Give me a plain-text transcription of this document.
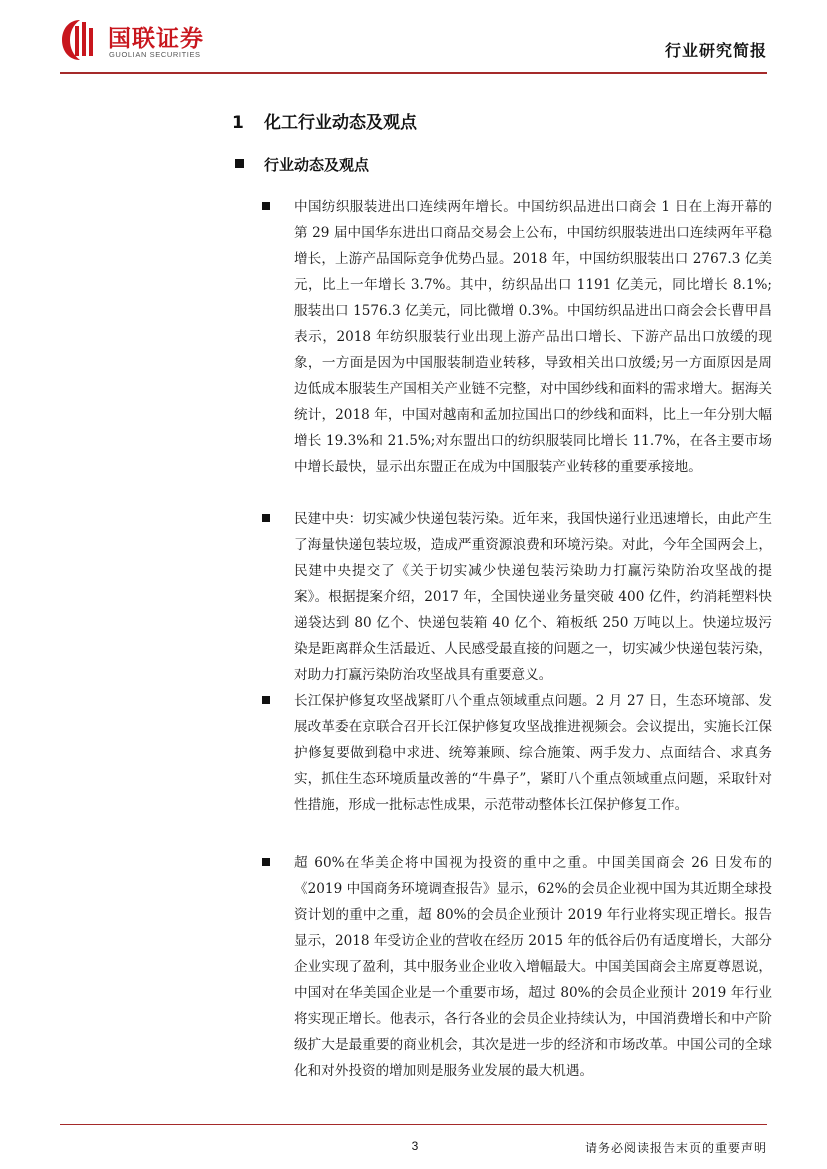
国联证券
GUOLIAN SECURITIES	行业研究简报
1 化工行业动态及观点
行业动态及观点
中国纺织服装进出口连续两年增长。中国纺织品进出口商会 1 日在上海开幕的第 29 届中国华东进出口商品交易会上公布，中国纺织服装进出口连续两年平稳增长，上游产品国际竞争优势凸显。2018 年，中国纺织服装出口 2767.3 亿美元，比上一年增长 3.7%。其中，纺织品出口 1191 亿美元，同比增长 8.1%;服装出口 1576.3 亿美元，同比微增 0.3%。中国纺织品进出口商会会长曹甲昌表示，2018 年纺织服装行业出现上游产品出口增长、下游产品出口放缓的现象，一方面是因为中国服装制造业转移，导致相关出口放缓;另一方面原因是周边低成本服装生产国相关产业链不完整，对中国纱线和面料的需求增大。据海关统计，2018 年，中国对越南和孟加拉国出口的纱线和面料，比上一年分别大幅增长 19.3%和 21.5%;对东盟出口的纺织服装同比增长 11.7%，在各主要市场中增长最快，显示出东盟正在成为中国服装产业转移的重要承接地。
民建中央：切实减少快递包装污染。近年来，我国快递行业迅速增长，由此产生了海量快递包装垃圾，造成严重资源浪费和环境污染。对此，今年全国两会上，民建中央提交了《关于切实减少快递包装污染助力打赢污染防治攻坚战的提案》。根据提案介绍，2017 年，全国快递业务量突破 400 亿件，约消耗塑料快递袋达到 80 亿个、快递包装箱 40 亿个、箱板纸 250 万吨以上。快递垃圾污染是距离群众生活最近、人民感受最直接的问题之一，切实减少快递包装污染，对助力打赢污染防治攻坚战具有重要意义。
长江保护修复攻坚战紧盯八个重点领域重点问题。2 月 27 日，生态环境部、发展改革委在京联合召开长江保护修复攻坚战推进视频会。会议提出，实施长江保护修复要做到稳中求进、统筹兼顾、综合施策、两手发力、点面结合、求真务实，抓住生态环境质量改善的“牛鼻子”，紧盯八个重点领域重点问题，采取针对性措施，形成一批标志性成果，示范带动整体长江保护修复工作。
超 60%在华美企将中国视为投资的重中之重。中国美国商会 26 日发布的《2019 中国商务环境调查报告》显示，62%的会员企业视中国为其近期全球投资计划的重中之重，超 80%的会员企业预计 2019 年行业将实现正增长。报告显示，2018 年受访企业的营收在经历 2015 年的低谷后仍有适度增长，大部分企业实现了盈利，其中服务业企业收入增幅最大。中国美国商会主席夏尊恩说，中国对在华美国企业是一个重要市场，超过 80%的会员企业预计 2019 年行业将实现正增长。他表示，各行各业的会员企业持续认为，中国消费增长和中产阶级扩大是最重要的商业机会，其次是进一步的经济和市场改革。中国公司的全球化和对外投资的增加则是服务业发展的最大机遇。
3	请务必阅读报告末页的重要声明
